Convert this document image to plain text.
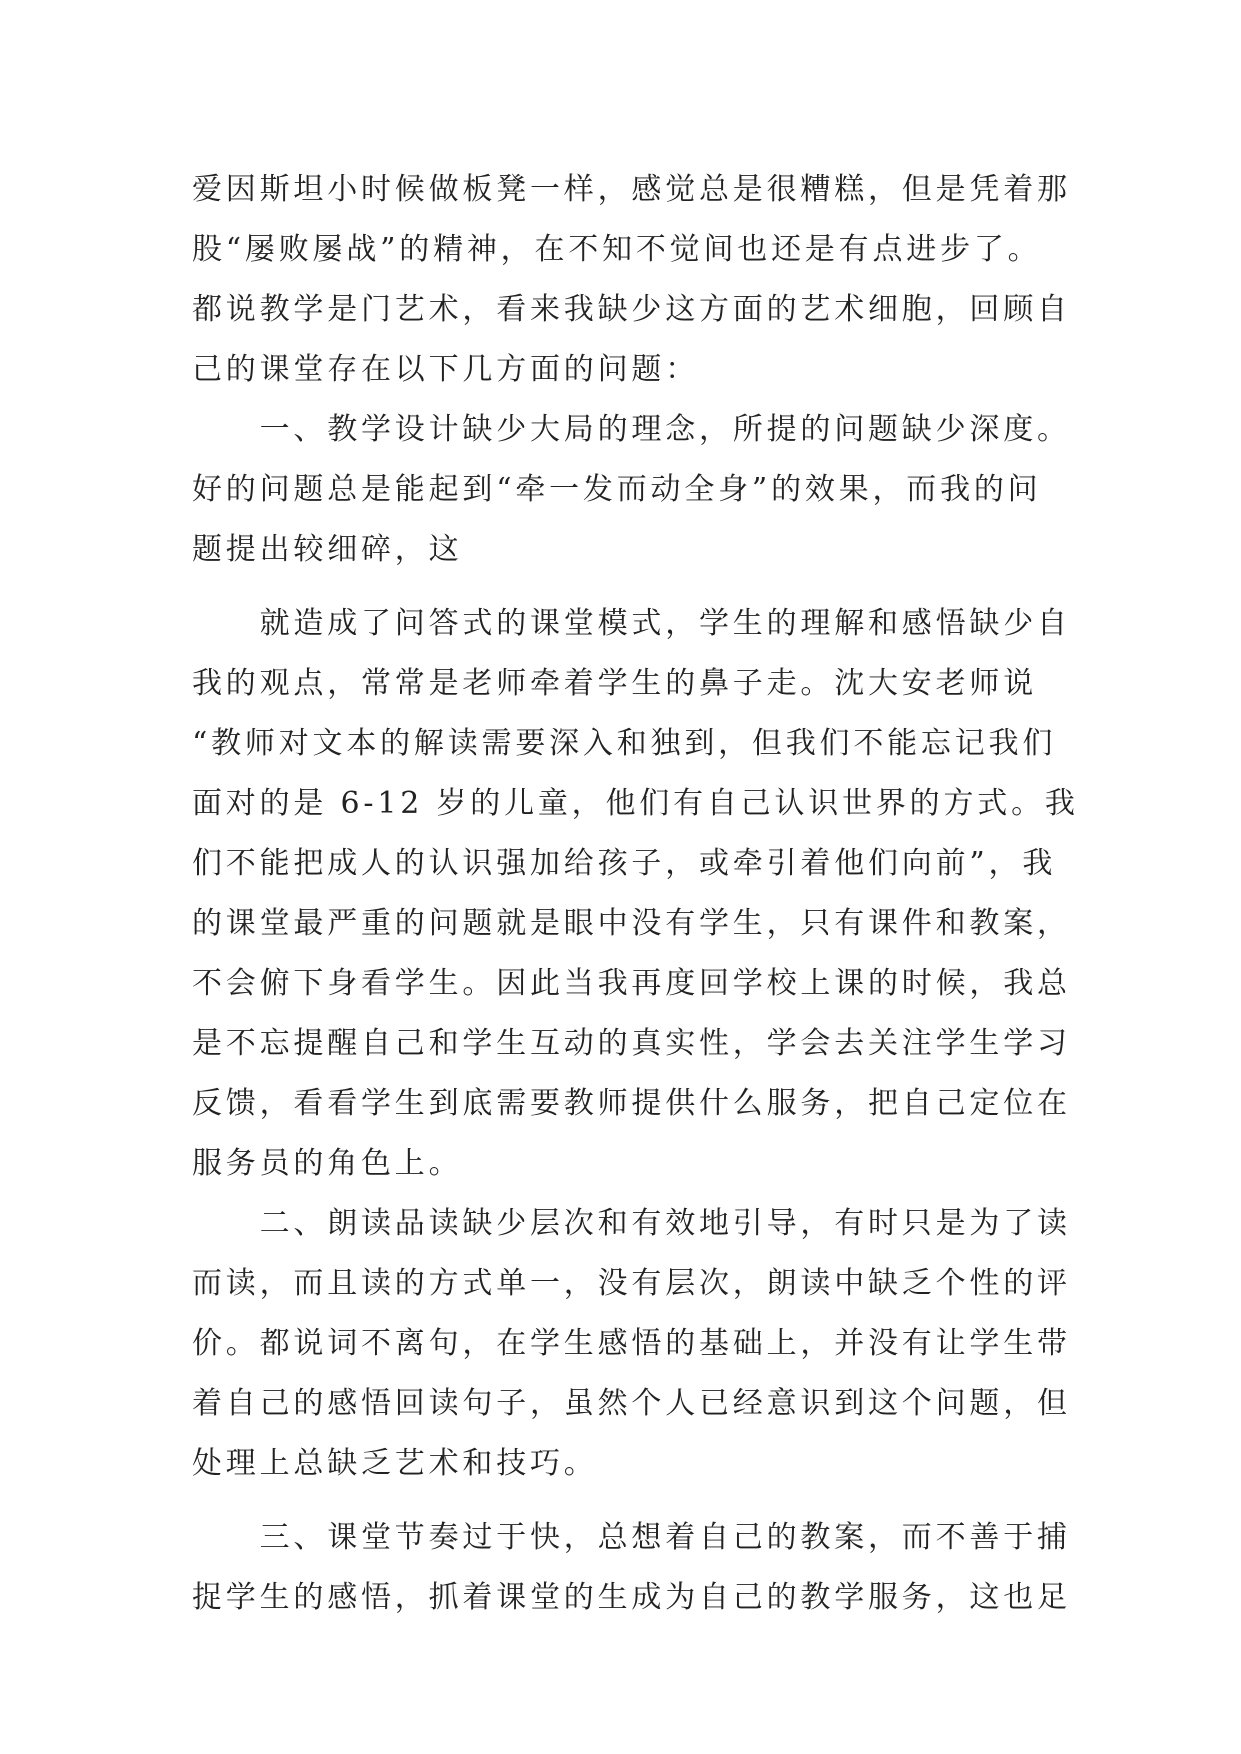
爱因斯坦小时候做板凳一样，感觉总是很糟糕，但是凭着那
股“屡败屡战”的精神，在不知不觉间也还是有点进步了。
都说教学是门艺术，看来我缺少这方面的艺术细胞，回顾自
己的课堂存在以下几方面的问题：
　　一、教学设计缺少大局的理念，所提的问题缺少深度。
好的问题总是能起到“牵一发而动全身”的效果，而我的问
题提出较细碎，这
　　就造成了问答式的课堂模式，学生的理解和感悟缺少自
我的观点，常常是老师牵着学生的鼻子走。沈大安老师说
“教师对文本的解读需要深入和独到，但我们不能忘记我们
面对的是 6-12 岁的儿童，他们有自己认识世界的方式。我
们不能把成人的认识强加给孩子，或牵引着他们向前”，我
的课堂最严重的问题就是眼中没有学生，只有课件和教案，
不会俯下身看学生。因此当我再度回学校上课的时候，我总
是不忘提醒自己和学生互动的真实性，学会去关注学生学习
反馈，看看学生到底需要教师提供什么服务，把自己定位在
服务员的角色上。
　　二、朗读品读缺少层次和有效地引导，有时只是为了读
而读，而且读的方式单一，没有层次，朗读中缺乏个性的评
价。都说词不离句，在学生感悟的基础上，并没有让学生带
着自己的感悟回读句子，虽然个人已经意识到这个问题，但
处理上总缺乏艺术和技巧。
　　三、课堂节奏过于快，总想着自己的教案，而不善于捕
捉学生的感悟，抓着课堂的生成为自己的教学服务，这也足
